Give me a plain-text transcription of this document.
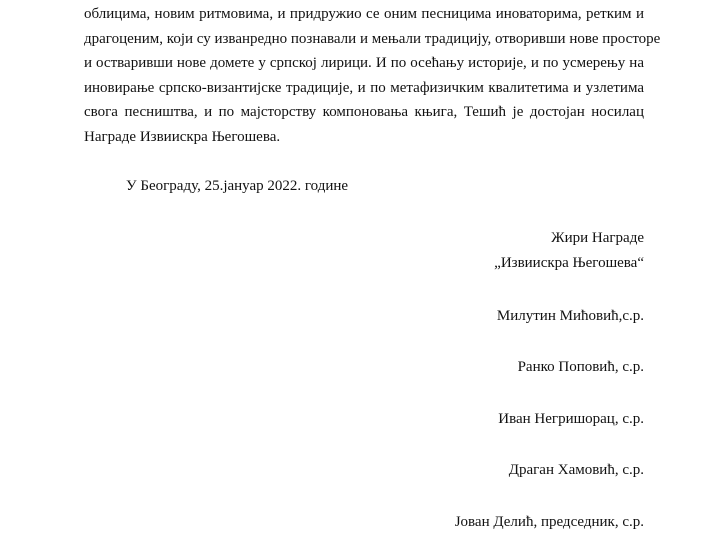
облицима, новим ритмовима, и придружио се оним песницима иноваторима, ретким и
драгоценим, који су изванредно познавали и мењали традицију, отворивши нове просторе
и остваривши нове домете у српској лирици. И по осећању историје, и по усмерењу на
иновирање српско-византијске традиције, и по метафизичким квалитетима и узлетима
свога песништва, и по мајсторству компоновања књига, Тешић је достојан носилац
Награде Извиискра Његошева.
У Београду, 25.јануар 2022. године
Жири Награде
„Извиискра Његошева“
Милутин Мићовић,с.р.
Ранко Поповић, с.р.
Иван Негришорац, с.р.
Драган Хамовић, с.р.
Јован Делић, председник, с.р.
